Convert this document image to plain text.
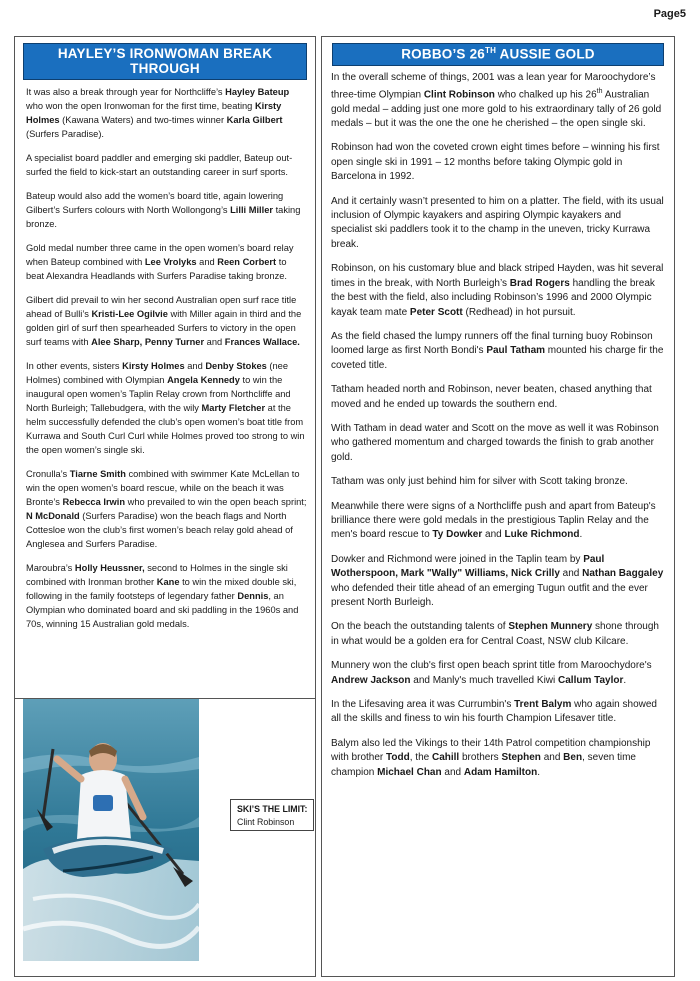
Page5
HAYLEY’S IRONWOMAN BREAK THROUGH

It was also a break through year for Northcliffe’s Hayley Bateup who won the open Ironwoman for the first time, beating Kirsty Holmes (Kawana Waters) and two-times winner Karla Gilbert (Surfers Paradise).

A specialist board paddler and emerging ski paddler, Bateup out-surfed the field to kick-start an outstanding career in surf sports.

Bateup would also add the women’s board title, again lowering Gilbert’s Surfers colours with North Wollongong’s Lilli Miller taking bronze.

Gold medal number three came in the open women’s board relay when Bateup combined with Lee Vrolyks and Reen Corbert to beat Alexandra Headlands with Surfers Paradise taking bronze.

Gilbert did prevail to win her second Australian open surf race title ahead of Bulli’s Kristi-Lee Ogilvie with Miller again in third and the golden girl of surf then spearheaded Surfers to victory in the open surf teams with Alee Sharp, Penny Turner and Frances Wallace.

In other events, sisters Kirsty Holmes and Denby Stokes (nee Holmes) combined with Olympian Angela Kennedy to win the inaugural open women’s Taplin Relay crown from Northcliffe and North Burleigh; Tallebudgera, with the wily Marty Fletcher at the helm successfully defended the club’s open women’s boat title from Kurrawa and South Curl Curl while Holmes proved too strong to win the open women’s single ski.

Cronulla’s Tiarne Smith combined with swimmer Kate McLellan to win the open women’s board rescue, while on the beach it was Bronte’s Rebecca Irwin who prevailed to win the open beach sprint; N McDonald (Surfers Paradise) won the beach flags and North Cottesloe won the club’s first women’s beach relay gold ahead of Anglesea and Surfers Paradise.

Maroubra’s Holly Heussner, second to Holmes in the single ski combined with Ironman brother Kane to win the mixed double ski, following in the family footsteps of legendary father Dennis, an Olympian who dominated board and ski paddling in the 1960s and 70s, winning 15 Australian gold medals.

ROBBO’S 26TH AUSSIE GOLD

In the overall scheme of things, 2001 was a lean year for Maroochydore’s three-time Olympian Clint Robinson who chalked up his 26th Australian gold medal – adding just one more gold to his extraordinary tally of 26 gold medals – but it was the one the one he cherished – the open single ski.

Robinson had won the coveted crown eight times before – winning his first open single ski in 1991 – 12 months before taking Olympic gold in Barcelona in 1992.

And it certainly wasn’t presented to him on a platter. The field, with its usual inclusion of Olympic kayakers and aspiring Olympic kayakers and specialist ski paddlers took it to the champ in the uneven, tricky Kurrawa break.

Robinson, on his customary blue and black striped Hayden, was hit several times in the break, with North Burleigh’s Brad Rogers handling the break the best with the field, also including Robinson’s 1996 and 2000 Olympic kayak team mate Peter Scott (Redhead) in hot pursuit.

As the field chased the lumpy runners off the final turning buoy Robinson loomed large as first North Bondi's Paul Tatham mounted his charge fir the coveted title.

Tatham headed north and Robinson, never beaten, chased anything that moved and he ended up towards the southern end.

With Tatham in dead water and Scott on the move as well it was Robinson who gathered momentum and charged towards the finish to grab another gold.

Tatham was only just behind him for silver with Scott taking bronze.

Meanwhile there were signs of a Northcliffe push and apart from Bateup's brilliance there were gold medals in the prestigious Taplin Relay and the men's board rescue to Ty Dowker and Luke Richmond.

Dowker and Richmond were joined in the Taplin team by Paul Wotherspoon, Mark "Wally" Williams, Nick Crilly and Nathan Baggaley who defended their title ahead of an emerging Tugun outfit and the ever present North Burleigh.

On the beach the outstanding talents of Stephen Munnery shone through in what would be a golden era for Central Coast, NSW club Kilcare.

Munnery won the club's first open beach sprint title from Maroochydore's Andrew Jackson and Manly's much travelled Kiwi Callum Taylor.

In the Lifesaving area it was Currumbin's Trent Balym who again showed all the skills and finess to win his fourth Champion Lifesaver title.

Balym also led the Vikings to their 14th Patrol competition championship with brother Todd, the Cahill brothers Stephen and Ben, seven time champion Michael Chan and Adam Hamilton.

SKI’S THE LIMIT:
Clint Robinson
